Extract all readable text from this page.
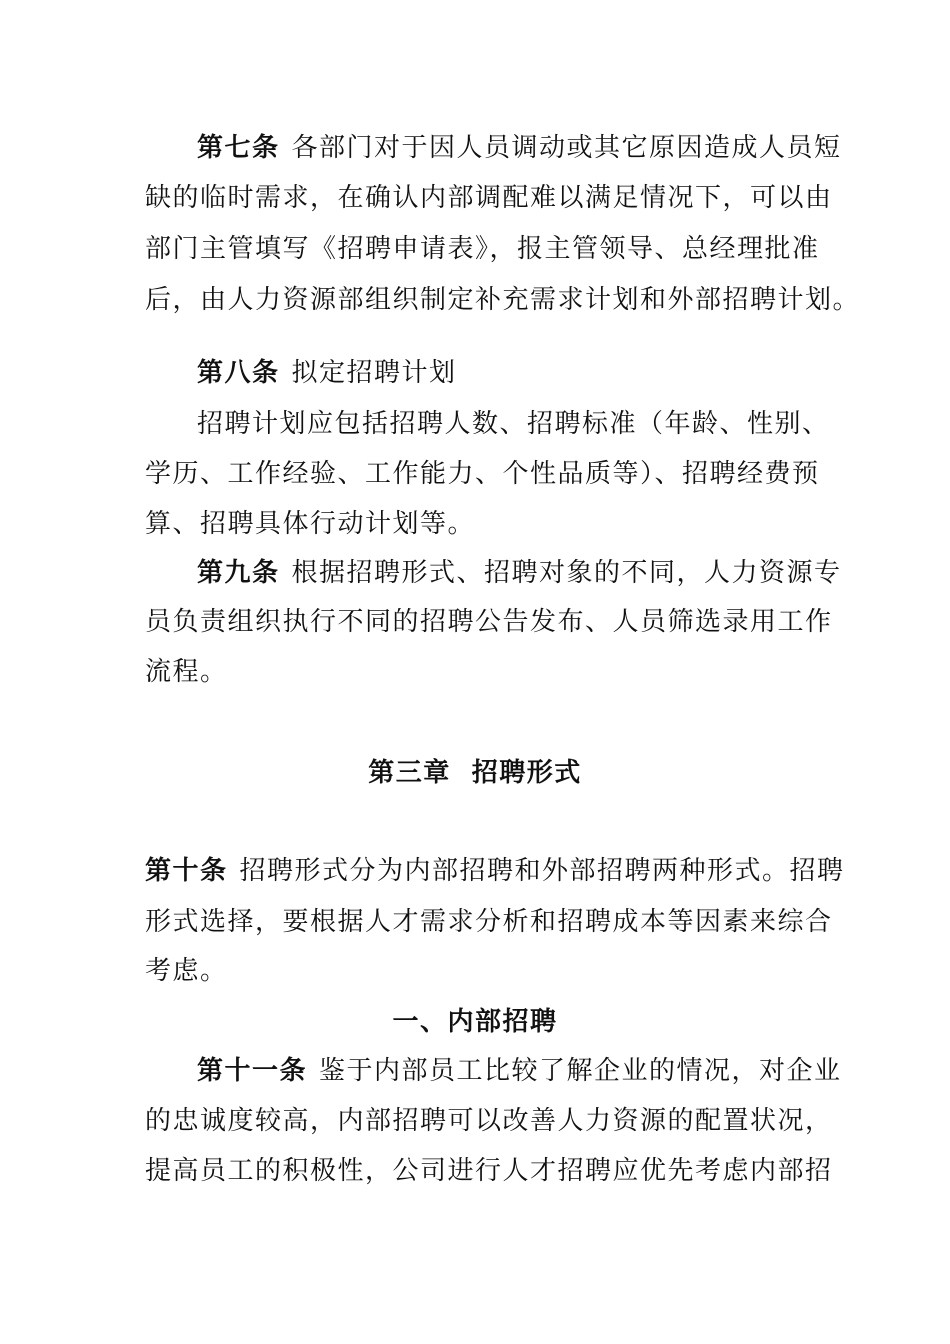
第七条 各部门对于因人员调动或其它原因造成人员短
缺的临时需求，在确认内部调配难以满足情况下，可以由
部门主管填写《招聘申请表》，报主管领导、总经理批准
后，由人力资源部组织制定补充需求计划和外部招聘计划。
第八条 拟定招聘计划
招聘计划应包括招聘人数、招聘标准（年龄、性别、
学历、工作经验、工作能力、个性品质等）、招聘经费预
算、招聘具体行动计划等。
第九条 根据招聘形式、招聘对象的不同，人力资源专
员负责组织执行不同的招聘公告发布、人员筛选录用工作
流程。
第三章  招聘形式
第十条 招聘形式分为内部招聘和外部招聘两种形式。招聘
形式选择，要根据人才需求分析和招聘成本等因素来综合
考虑。
一、内部招聘
第十一条 鉴于内部员工比较了解企业的情况，对企业
的忠诚度较高，内部招聘可以改善人力资源的配置状况，
提高员工的积极性，公司进行人才招聘应优先考虑内部招
